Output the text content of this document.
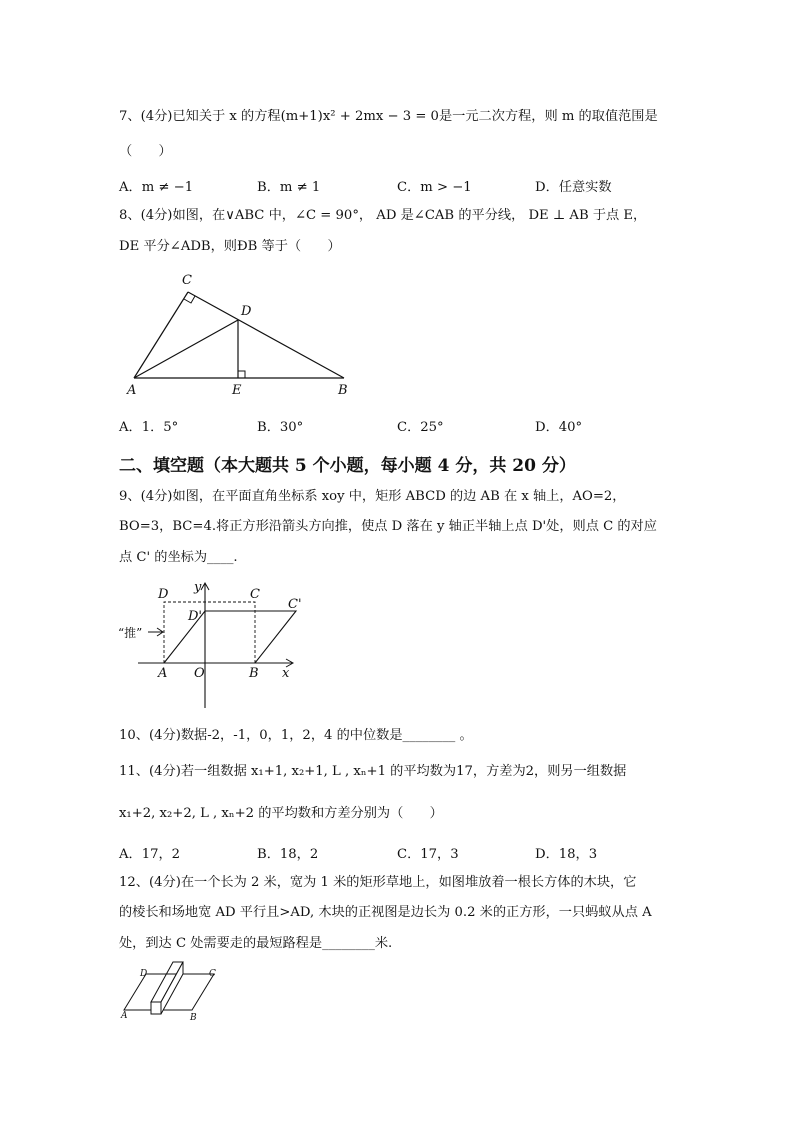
7、(4分)已知关于 x 的方程(m+1)x² + 2mx − 3 = 0是一元二次方程，则 m 的取值范围是
（　　）
A．m ≠ −1	B．m ≠ 1	C．m > −1	D．任意实数
8、(4分)如图，在∨ABC 中，∠C = 90°， AD 是∠CAB 的平分线， DE ⊥ AB 于点 E，
DE 平分∠ADB，则ÐB 等于（　　）
C
D
A	E	B
A．1．5°	B．30°	C．25°	D．40°
二、填空题（本大题共 5 个小题，每小题 4 分，共 20 分）
9、(4分)如图，在平面直角坐标系 xoy 中，矩形 ABCD 的边 AB 在 x 轴上，AO=2，
BO=3，BC=4.将正方形沿箭头方向推，使点 D 落在 y 轴正半轴上点 D'处，则点 C 的对应
点 C' 的坐标为____.
y
D	C
C'
D'
“推”
A O	B x
10、(4分)数据-2，-1，0，1，2，4 的中位数是________ 。
11、(4分)若一组数据 x₁+1, x₂+1, L , xₙ+1 的平均数为17，方差为2，则另一组数据
x₁+2, x₂+2, L , xₙ+2 的平均数和方差分别为（　　）
A．17，2	B．18，2	C．17，3	D．18，3
12、(4分)在一个长为 2 米，宽为 1 米的矩形草地上，如图堆放着一根长方体的木块，它
的棱长和场地宽 AD 平行且>AD, 木块的正视图是边长为 0.2 米的正方形，一只蚂蚁从点 A
处，到达 C 处需要走的最短路程是________米.
D	C
A	B
